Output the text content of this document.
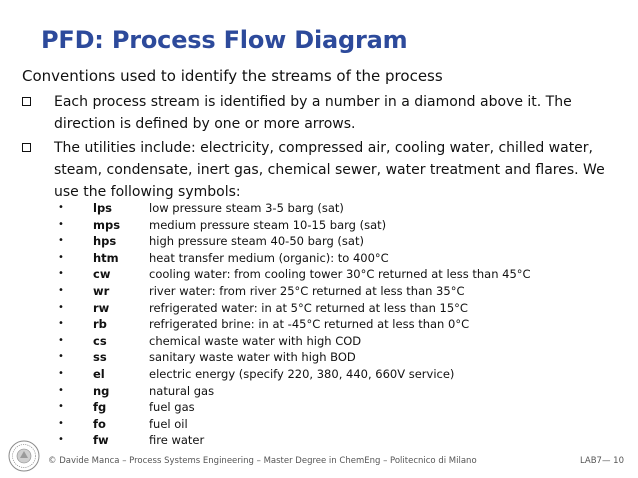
PFD: Process Flow Diagram
Conventions used to identify the streams of the process
Each process stream is identified by a number in a diamond above it. The direction is defined by one or more arrows.
The utilities include: electricity, compressed air, cooling water, chilled water, steam, condensate, inert gas, chemical sewer, water treatment and flares. We use the following symbols:
•	lps	low pressure steam 3-5 barg (sat)
•	mps	medium pressure steam 10-15 barg (sat)
•	hps	high pressure steam 40-50 barg (sat)
•	htm	heat transfer medium (organic): to 400°C
•	cw	cooling water: from cooling tower 30°C returned at less than 45°C
•	wr	river water: from river 25°C returned at less than 35°C
•	rw	refrigerated water: in at 5°C returned at less than 15°C
•	rb	refrigerated brine: in at -45°C returned at less than 0°C
•	cs	chemical waste water with high COD
•	ss	sanitary waste water with high BOD
•	el	electric energy (specify 220, 380, 440, 660V service)
•	ng	natural gas
•	fg	fuel gas
•	fo	fuel oil
•	fw	fire water
© Davide Manca – Process Systems Engineering – Master Degree in ChemEng – Politecnico di Milano	LAB7— 10
